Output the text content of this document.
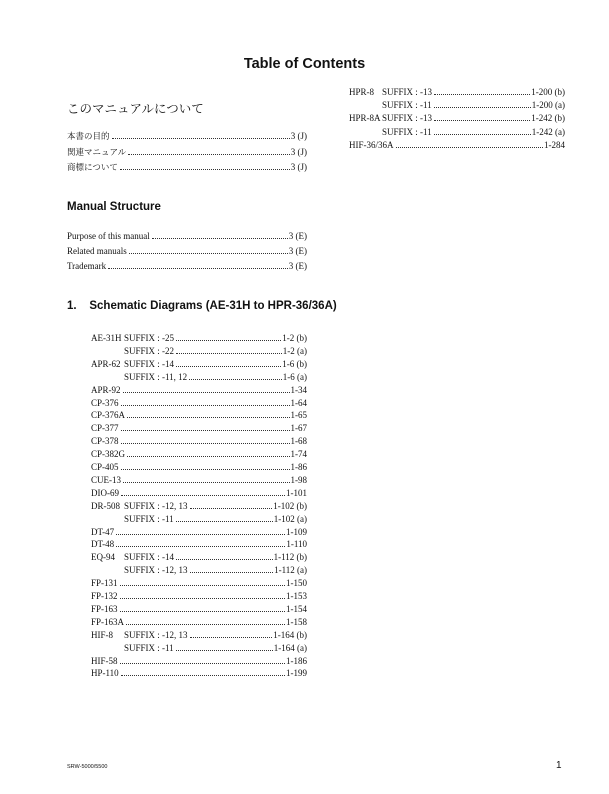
Table of Contents
このマニュアルについて
本書の目的	3 (J)
関連マニュアル	3 (J)
商標について	3 (J)
Manual Structure
Purpose of this manual	3 (E)
Related manuals	3 (E)
Trademark	3 (E)
1.    Schematic Diagrams (AE-31H to HPR-36/36A)
AE-31H SUFFIX : -25	1-2 (b)
SUFFIX : -22	1-2 (a)
APR-62 SUFFIX : -14	1-6 (b)
SUFFIX : -11, 12	1-6 (a)
APR-92	1-34
CP-376	1-64
CP-376A	1-65
CP-377	1-67
CP-378	1-68
CP-382G	1-74
CP-405	1-86
CUE-13	1-98
DIO-69	1-101
DR-508 SUFFIX : -12, 13	1-102 (b)
SUFFIX : -11	1-102 (a)
DT-47	1-109
DT-48	1-110
EQ-94	SUFFIX : -14	1-112 (b)
SUFFIX : -12, 13	1-112 (a)
FP-131	1-150
FP-132	1-153
FP-163	1-154
FP-163A	1-158
HIF-8	SUFFIX : -12, 13	1-164 (b)
SUFFIX : -11	1-164 (a)
HIF-58	1-186
HP-110	1-199
HPR-8 SUFFIX : -13	1-200 (b)
SUFFIX : -11	1-200 (a)
HPR-8A SUFFIX : -13	1-242 (b)
SUFFIX : -11	1-242 (a)
HIF-36/36A	1-284
SRW-5000/5500	1
